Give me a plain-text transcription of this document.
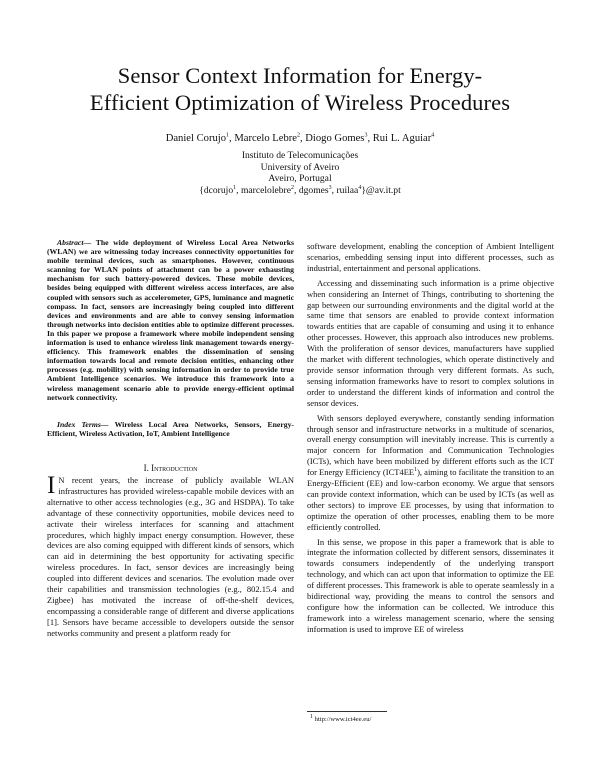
Sensor Context Information for Energy-
Efficient Optimization of Wireless Procedures
Daniel Corujo$^1$, Marcelo Lebre$^2$, Diogo Gomes$^3$, Rui L. Aguiar$^4$
Instituto de Telecomunicações
University of Aveiro
Aveiro, Portugal
{dcorujo$^1$, marcelolebre$^2$, dgomes$^3$, ruilaa$^4$}@av.it.pt
Abstract — The wide deployment of Wireless Local Area Networks (WLAN) we are witnessing today increases connectivity opportunities for mobile terminal devices, such as smartphones. However, continuous scanning for WLAN points of attachment can be a power exhausting mechanism for such battery-powered devices. These mobile devices, besides being equipped with different wireless access interfaces, are also coupled with sensors such as accelerometer, GPS, luminance and magnetic compass. In fact, sensors are increasingly being coupled into different devices and environments and are able to convey sensing information through networks into decision entities able to optimize different processes. In this paper we propose a framework where mobile independent sensing information is used to enhance wireless link management towards energy-efficiency. This framework enables the dissemination of sensing information towards local and remote decision entities, enhancing other processes (e.g. mobility) with sensing information in order to provide true Ambient Intelligence scenarios. We introduce this framework into a wireless management scenario able to provide energy-efficient optimal network connectivity.
Index Terms — Wireless Local Area Networks, Sensors, Energy-Efficient, Wireless Activation, IoT, Ambient Intelligence
I. Introduction
I N recent years, the increase of publicly available WLAN infrastructures has provided wireless-capable mobile devices with an alternative to other access technologies (e.g., 3G and HSDPA). To take advantage of these connectivity opportunities, mobile devices need to activate their wireless interfaces for scanning and attachment procedures, which highly impact energy consumption. However, these devices are also coming equipped with different kinds of sensors, which can aid in determining the best opportunity for activating specific wireless procedures. In fact, sensor devices are increasingly being coupled into different devices and scenarios. The evolution made over their capabilities and transmission technologies (e.g., 802.15.4 and Zigbee) has motivated the increase of off-the-shelf devices, encompassing a considerable range of different and diverse applications [1]. Sensors have became accessible to developers outside the sensor networks community and present a platform ready for

software development, enabling the conception of Ambient Intelligent scenarios, embedding sensing input into different processes, such as industrial, entertainment and personal applications.

Accessing and disseminating such information is a prime objective when considering an Internet of Things, contributing to shortening the gap between our surrounding environments and the digital world at the same time that sensors are enabled to provide context information towards entities that are capable of consuming and using it to enhance other processes. However, this approach also introduces new problems. With the proliferation of sensor devices, manufacturers have supplied the market with different technologies, which operate distinctively and provide sensor information through very different formats. As such, sensing information frameworks have to resort to complex solutions in order to understand the different kinds of information and control the sensor devices.

With sensors deployed everywhere, constantly sending information through sensor and infrastructure networks in a multitude of scenarios, overall energy consumption will inevitably increase. This is currently a major concern for Information and Communication Technologies (ICTs), which have been mobilized by different efforts such as the ICT for Energy Efficiency $(ICT4EE^1)$, aiming to facilitate the transition to an Energy-Efficient (EE) and low-carbon economy. We argue that sensors can provide context information, which can be used by ICTs (as well as other sectors) to improve EE processes, by using that information to optimize the operation of other processes, enabling them to be more efficiently controlled.

In this sense, we propose in this paper a framework that is able to integrate the information collected by different sensors, disseminates it towards consumers independently of the underlying transport technology, and which can act upon that information to optimize the EE of different processes. This framework is able to operate seamlessly in a bidirectional way, providing the means to control the sensors and configure how the information can be collected. We introduce this framework into a wireless management scenario, where the sensing information is used to improve EE of wireless

$^1$ http://www.ict4ee.eu/
